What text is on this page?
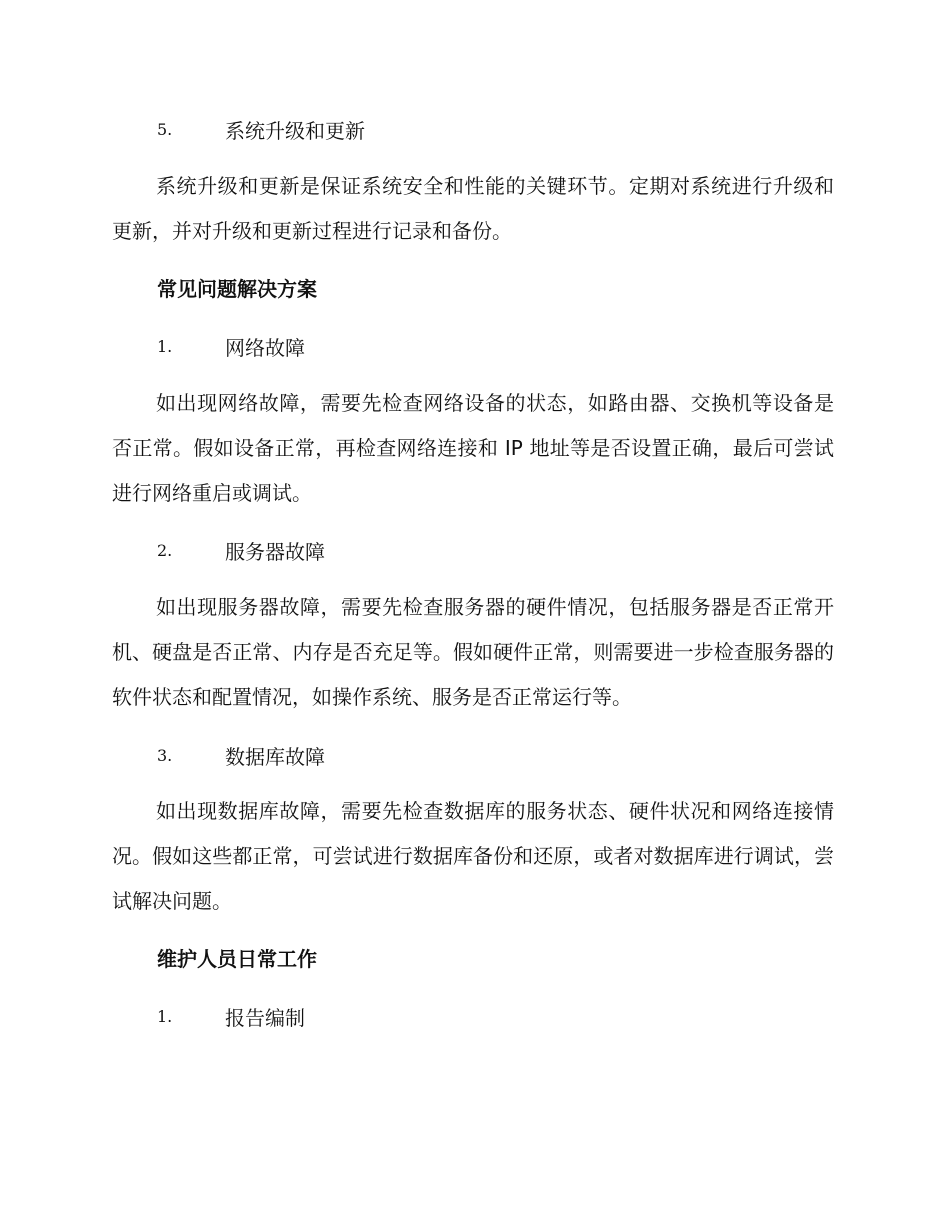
5.	系统升级和更新

系统升级和更新是保证系统安全和性能的关键环节。定期对系统进行升级和更新，并对升级和更新过程进行记录和备份。

常见问题解决方案
1.	网络故障

如出现网络故障，需要先检查网络设备的状态，如路由器、交换机等设备是否正常。假如设备正常，再检查网络连接和 IP 地址等是否设置正确，最后可尝试进行网络重启或调试。

2.	服务器故障

如出现服务器故障，需要先检查服务器的硬件情况，包括服务器是否正常开机、硬盘是否正常、内存是否充足等。假如硬件正常，则需要进一步检查服务器的软件状态和配置情况，如操作系统、服务是否正常运行等。

3.	数据库故障

如出现数据库故障，需要先检查数据库的服务状态、硬件状况和网络连接情况。假如这些都正常，可尝试进行数据库备份和还原，或者对数据库进行调试，尝试解决问题。

维护人员日常工作
1.	报告编制
